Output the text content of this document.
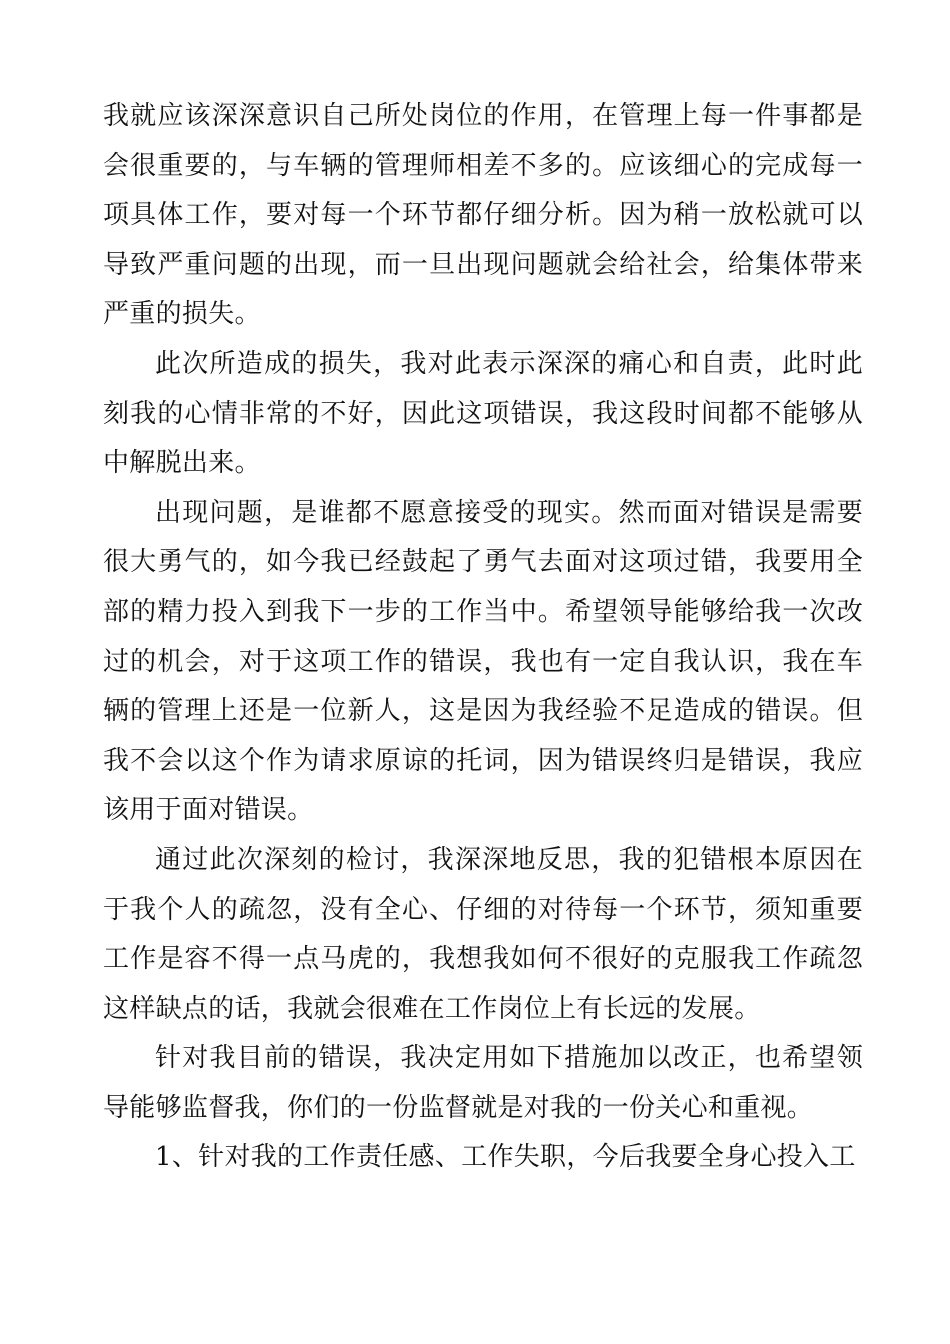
我就应该深深意识自己所处岗位的作用，在管理上每一件事都是会很重要的，与车辆的管理师相差不多的。应该细心的完成每一项具体工作，要对每一个环节都仔细分析。因为稍一放松就可以导致严重问题的出现，而一旦出现问题就会给社会，给集体带来严重的损失。

此次所造成的损失，我对此表示深深的痛心和自责，此时此刻我的心情非常的不好，因此这项错误，我这段时间都不能够从中解脱出来。

出现问题，是谁都不愿意接受的现实。然而面对错误是需要很大勇气的，如今我已经鼓起了勇气去面对这项过错，我要用全部的精力投入到我下一步的工作当中。希望领导能够给我一次改过的机会，对于这项工作的错误，我也有一定自我认识，我在车辆的管理上还是一位新人，这是因为我经验不足造成的错误。但我不会以这个作为请求原谅的托词，因为错误终归是错误，我应该用于面对错误。

通过此次深刻的检讨，我深深地反思，我的犯错根本原因在于我个人的疏忽，没有全心、仔细的对待每一个环节，须知重要工作是容不得一点马虎的，我想我如何不很好的克服我工作疏忽这样缺点的话，我就会很难在工作岗位上有长远的发展。

针对我目前的错误，我决定用如下措施加以改正，也希望领导能够监督我，你们的一份监督就是对我的一份关心和重视。

1、针对我的工作责任感、工作失职，今后我要全身心投入工
